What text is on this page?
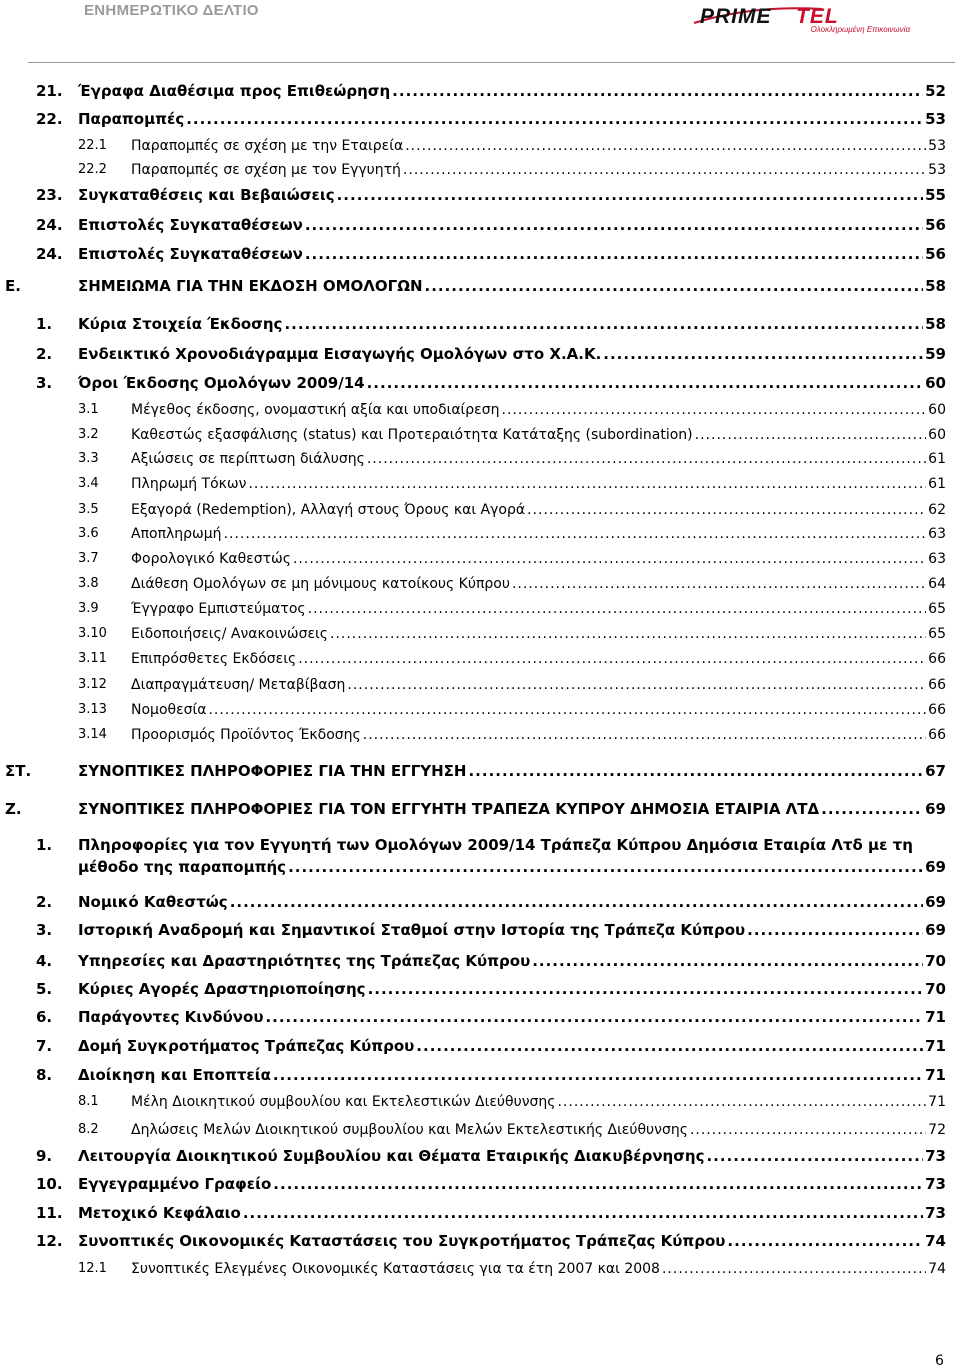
ΕΝΗΜΕΡΩΤΙΚΟ ΔΕΛΤΙΟ	PRIME TEL
Ολοκληρωμένη Επικοινωνία
21. Έγραφα Διαθέσιμα προς Επιθεώρηση .....	52
22. Παραπομπές .....	53
22.1 Παραπομπές σε σχέση με την Εταιρεία .....	53
22.2 Παραπομπές σε σχέση με τον Εγγυητή .....	53
23. Συγκαταθέσεις και Βεβαιώσεις .....	55
24. Επιστολές Συγκαταθέσεων .....	56
24. Επιστολές Συγκαταθέσεων .....	56
Ε.	ΣΗΜΕΙΩΜΑ ΓΙΑ ΤΗΝ ΕΚΔΟΣΗ ΟΜΟΛΟΓΩΝ .....	58
1. Κύρια Στοιχεία Έκδοσης .....	58
2. Ενδεικτικό Χρονοδιάγραμμα Εισαγωγής Ομολόγων στο Χ.Α.Κ. .....	59
3. Όροι Έκδοσης Ομολόγων 2009/14 .....	60
3.1 Μέγεθος έκδοσης, ονομαστική αξία και υποδιαίρεση .....	60
3.2 Καθεστώς εξασφάλισης (status) και Προτεραιότητα Κατάταξης (subordination) .....	60
3.3 Αξιώσεις σε περίπτωση διάλυσης .....	61
3.4 Πληρωμή Τόκων .....	61
3.5 Εξαγορά (Redemption), Αλλαγή στους Όρους και Αγορά .....	62
3.6 Αποπληρωμή .....	63
3.7 Φορολογικό Καθεστώς .....	63
3.8 Διάθεση Ομολόγων σε μη μόνιμους κατοίκους Κύπρου .....	64
3.9 Έγγραφο Εμπιστεύματος .....	65
3.10 Ειδοποιήσεις/ Ανακοινώσεις .....	65
3.11 Επιπρόσθετες Εκδόσεις .....	66
3.12 Διαπραγμάτευση/ Μεταβίβαση .....	66
3.13 Νομοθεσία .....	66
3.14 Προορισμός Προϊόντος Έκδοσης .....	66
ΣΤ.	ΣΥΝΟΠΤΙΚΕΣ ΠΛΗΡΟΦΟΡΙΕΣ ΓΙΑ ΤΗΝ ΕΓΓΥΗΣΗ .....	67
Ζ.	ΣΥΝΟΠΤΙΚΕΣ ΠΛΗΡΟΦΟΡΙΕΣ ΓΙΑ ΤΟΝ ΕΓΓΥΗΤΗ ΤΡΑΠΕΖΑ ΚΥΠΡΟΥ ΔΗΜΟΣΙΑ ΕΤΑΙΡΙΑ ΛΤΔ .....	69
1. Πληροφορίες για τον Εγγυητή των Ομολόγων 2009/14 Τράπεζα Κύπρου Δημόσια Εταιρία Λτδ με τη
μέθοδο της παραπομπής .....	69
2. Νομικό Καθεστώς .....	69
3. Ιστορική Αναδρομή και Σημαντικοί Σταθμοί στην Ιστορία της Τράπεζα Κύπρου .....	69
4. Υπηρεσίες και Δραστηριότητες της Τράπεζας Κύπρου .....	70
5. Κύριες Αγορές Δραστηριοποίησης .....	70
6. Παράγοντες Κινδύνου .....	71
7. Δομή Συγκροτήματος Τράπεζας Κύπρου .....	71
8. Διοίκηση και Εποπτεία .....	71
8.1 Μέλη Διοικητικού συμβουλίου και Εκτελεστικών Διεύθυνσης .....	71
8.2 Δηλώσεις Μελών Διοικητικού συμβουλίου και Μελών Εκτελεστικής Διεύθυνσης .....	72
9. Λειτουργία Διοικητικού Συμβουλίου και Θέματα Εταιρικής Διακυβέρνησης .....	73
10. Εγγεγραμμένο Γραφείο .....	73
11. Μετοχικό Κεφάλαιο .....	73
12. Συνοπτικές Οικονομικές Καταστάσεις του Συγκροτήματος Τράπεζας Κύπρου .....	74
12.1 Συνοπτικές Ελεγμένες Οικονομικές Καταστάσεις για τα έτη 2007 και 2008 .....	74
6
